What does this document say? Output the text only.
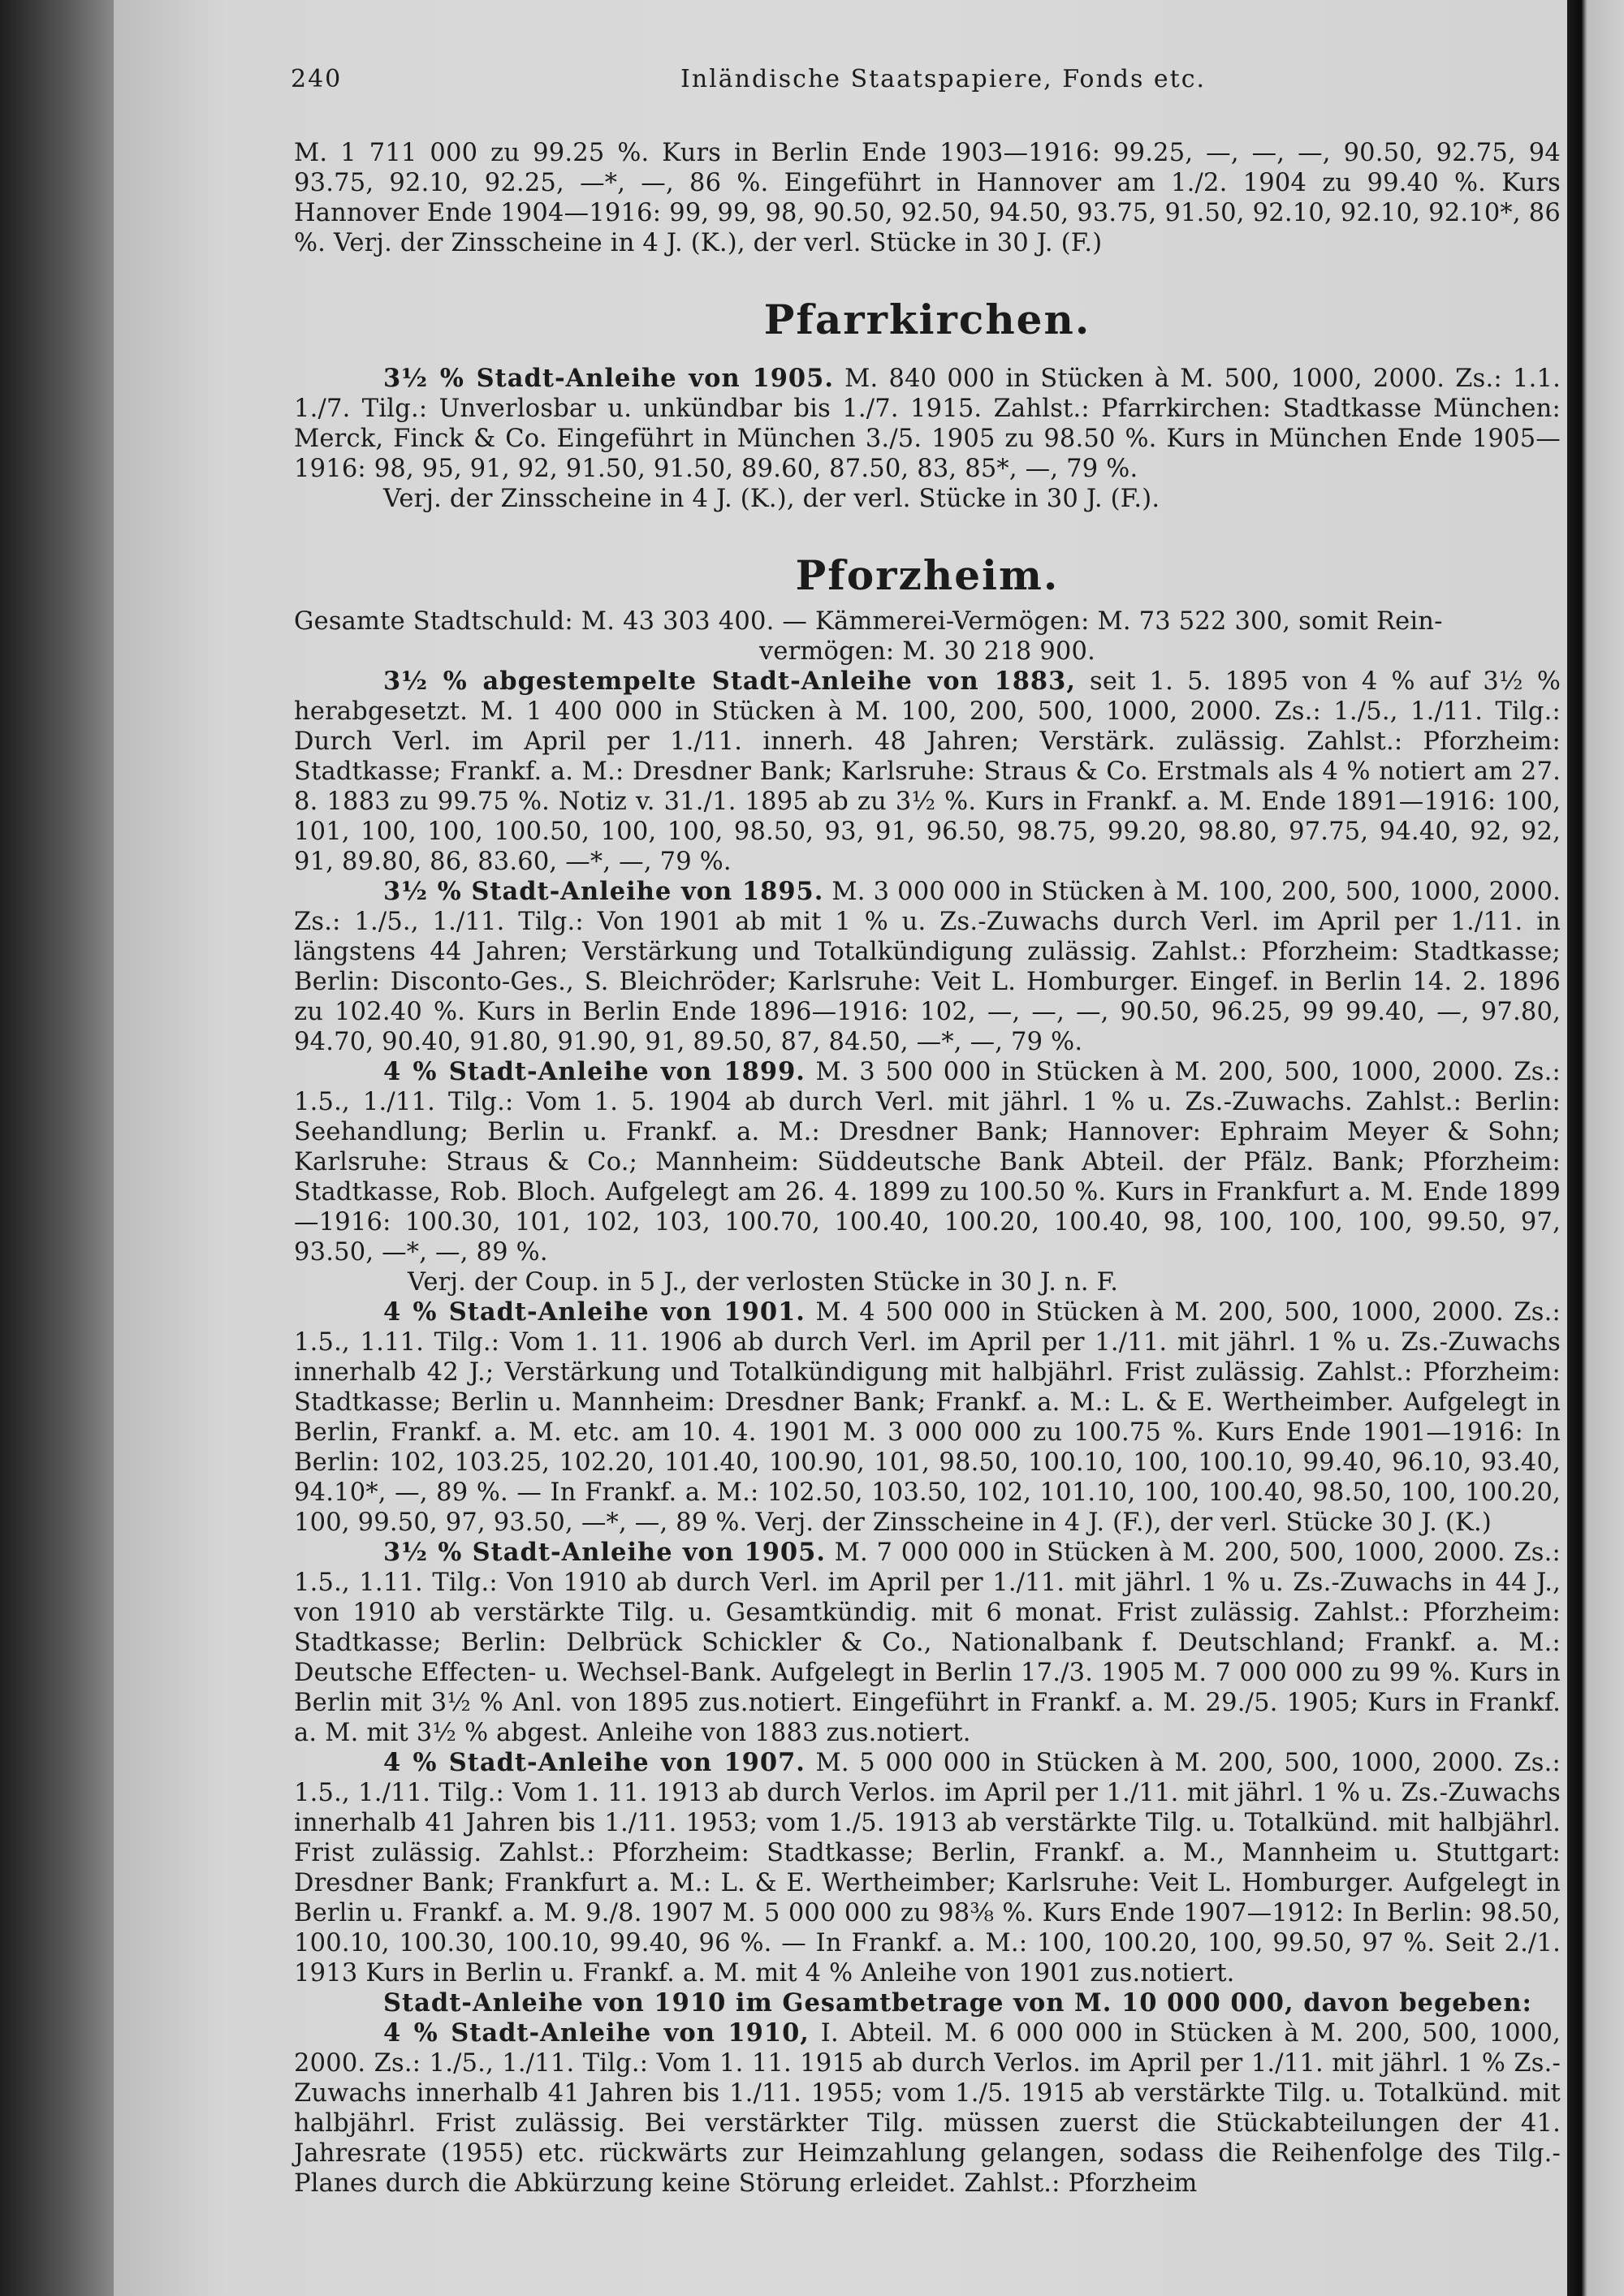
240	Inländische Staatspapiere, Fonds etc.

M. 1 711 000 zu 99.25 %. Kurs in Berlin Ende 1903—1916: 99.25, —, —, —, 90.50, 92.75, 94 93.75, 92.10, 92.25, —*, —, 86 %. Eingeführt in Hannover am 1./2. 1904 zu 99.40 %. Kurs Hannover Ende 1904—1916: 99, 99, 98, 90.50, 92.50, 94.50, 93.75, 91.50, 92.10, 92.10, 92.10*, 86 %. Verj. der Zinsscheine in 4 J. (K.), der verl. Stücke in 30 J. (F.)

Pfarrkirchen.

3½ % Stadt-Anleihe von 1905. M. 840 000 in Stücken à M. 500, 1000, 2000. Zs.: 1.1. 1./7. Tilg.: Unverlosbar u. unkündbar bis 1./7. 1915. Zahlst.: Pfarrkirchen: Stadtkasse München: Merck, Finck & Co. Eingeführt in München 3./5. 1905 zu 98.50 %. Kurs in München Ende 1905—1916: 98, 95, 91, 92, 91.50, 91.50, 89.60, 87.50, 83, 85*, —, 79 %.

Verj. der Zinsscheine in 4 J. (K.), der verl. Stücke in 30 J. (F.).

Pforzheim.

Gesamte Stadtschuld: M. 43 303 400. — Kämmerei-Vermögen: M. 73 522 300, somit Rein-

vermögen: M. 30 218 900.

3½ % abgestempelte Stadt-Anleihe von 1883, seit 1. 5. 1895 von 4 % auf 3½ % herabgesetzt. M. 1 400 000 in Stücken à M. 100, 200, 500, 1000, 2000. Zs.: 1./5., 1./11. Tilg.: Durch Verl. im April per 1./11. innerh. 48 Jahren; Verstärk. zulässig. Zahlst.: Pforzheim: Stadtkasse; Frankf. a. M.: Dresdner Bank; Karlsruhe: Straus & Co. Erstmals als 4 % notiert am 27. 8. 1883 zu 99.75 %. Notiz v. 31./1. 1895 ab zu 3½ %. Kurs in Frankf. a. M. Ende 1891—1916: 100, 101, 100, 100, 100.50, 100, 100, 98.50, 93, 91, 96.50, 98.75, 99.20, 98.80, 97.75, 94.40, 92, 92, 91, 89.80, 86, 83.60, —*, —, 79 %.

3½ % Stadt-Anleihe von 1895. M. 3 000 000 in Stücken à M. 100, 200, 500, 1000, 2000. Zs.: 1./5., 1./11. Tilg.: Von 1901 ab mit 1 % u. Zs.-Zuwachs durch Verl. im April per 1./11. in längstens 44 Jahren; Verstärkung und Totalkündigung zulässig. Zahlst.: Pforzheim: Stadtkasse; Berlin: Disconto-Ges., S. Bleichröder; Karlsruhe: Veit L. Homburger. Eingef. in Berlin 14. 2. 1896 zu 102.40 %. Kurs in Berlin Ende 1896—1916: 102, —, —, —, 90.50, 96.25, 99 99.40, —, 97.80, 94.70, 90.40, 91.80, 91.90, 91, 89.50, 87, 84.50, —*, —, 79 %.

4 % Stadt-Anleihe von 1899. M. 3 500 000 in Stücken à M. 200, 500, 1000, 2000. Zs.: 1.5., 1./11. Tilg.: Vom 1. 5. 1904 ab durch Verl. mit jährl. 1 % u. Zs.-Zuwachs. Zahlst.: Berlin: Seehandlung; Berlin u. Frankf. a. M.: Dresdner Bank; Hannover: Ephraim Meyer & Sohn; Karlsruhe: Straus & Co.; Mannheim: Süddeutsche Bank Abteil. der Pfälz. Bank; Pforzheim: Stadtkasse, Rob. Bloch. Aufgelegt am 26. 4. 1899 zu 100.50 %. Kurs in Frankfurt a. M. Ende 1899—1916: 100.30, 101, 102, 103, 100.70, 100.40, 100.20, 100.40, 98, 100, 100, 100, 99.50, 97, 93.50, —*, —, 89 %.

Verj. der Coup. in 5 J., der verlosten Stücke in 30 J. n. F.

4 % Stadt-Anleihe von 1901. M. 4 500 000 in Stücken à M. 200, 500, 1000, 2000. Zs.: 1.5., 1.11. Tilg.: Vom 1. 11. 1906 ab durch Verl. im April per 1./11. mit jährl. 1 % u. Zs.-Zuwachs innerhalb 42 J.; Verstärkung und Totalkündigung mit halbjährl. Frist zulässig. Zahlst.: Pforzheim: Stadtkasse; Berlin u. Mannheim: Dresdner Bank; Frankf. a. M.: L. & E. Wertheimber. Aufgelegt in Berlin, Frankf. a. M. etc. am 10. 4. 1901 M. 3 000 000 zu 100.75 %. Kurs Ende 1901—1916: In Berlin: 102, 103.25, 102.20, 101.40, 100.90, 101, 98.50, 100.10, 100, 100.10, 99.40, 96.10, 93.40, 94.10*, —, 89 %. — In Frankf. a. M.: 102.50, 103.50, 102, 101.10, 100, 100.40, 98.50, 100, 100.20, 100, 99.50, 97, 93.50, —*, —, 89 %. Verj. der Zinsscheine in 4 J. (F.), der verl. Stücke 30 J. (K.)

3½ % Stadt-Anleihe von 1905. M. 7 000 000 in Stücken à M. 200, 500, 1000, 2000. Zs.: 1.5., 1.11. Tilg.: Von 1910 ab durch Verl. im April per 1./11. mit jährl. 1 % u. Zs.-Zuwachs in 44 J., von 1910 ab verstärkte Tilg. u. Gesamtkündig. mit 6 monat. Frist zulässig. Zahlst.: Pforzheim: Stadtkasse; Berlin: Delbrück Schickler & Co., Nationalbank f. Deutschland; Frankf. a. M.: Deutsche Effecten- u. Wechsel-Bank. Aufgelegt in Berlin 17./3. 1905 M. 7 000 000 zu 99 %. Kurs in Berlin mit 3½ % Anl. von 1895 zus.notiert. Eingeführt in Frankf. a. M. 29./5. 1905; Kurs in Frankf. a. M. mit 3½ % abgest. Anleihe von 1883 zus.notiert.

4 % Stadt-Anleihe von 1907. M. 5 000 000 in Stücken à M. 200, 500, 1000, 2000. Zs.: 1.5., 1./11. Tilg.: Vom 1. 11. 1913 ab durch Verlos. im April per 1./11. mit jährl. 1 % u. Zs.-Zuwachs innerhalb 41 Jahren bis 1./11. 1953; vom 1./5. 1913 ab verstärkte Tilg. u. Totalkünd. mit halbjährl. Frist zulässig. Zahlst.: Pforzheim: Stadtkasse; Berlin, Frankf. a. M., Mannheim u. Stuttgart: Dresdner Bank; Frankfurt a. M.: L. & E. Wertheimber; Karlsruhe: Veit L. Homburger. Aufgelegt in Berlin u. Frankf. a. M. 9./8. 1907 M. 5 000 000 zu 98⅜ %. Kurs Ende 1907—1912: In Berlin: 98.50, 100.10, 100.30, 100.10, 99.40, 96 %. — In Frankf. a. M.: 100, 100.20, 100, 99.50, 97 %. Seit 2./1. 1913 Kurs in Berlin u. Frankf. a. M. mit 4 % Anleihe von 1901 zus.notiert.

Stadt-Anleihe von 1910 im Gesamtbetrage von M. 10 000 000, davon begeben:

4 % Stadt-Anleihe von 1910, I. Abteil. M. 6 000 000 in Stücken à M. 200, 500, 1000, 2000. Zs.: 1./5., 1./11. Tilg.: Vom 1. 11. 1915 ab durch Verlos. im April per 1./11. mit jährl. 1 % Zs.-Zuwachs innerhalb 41 Jahren bis 1./11. 1955; vom 1./5. 1915 ab verstärkte Tilg. u. Totalkünd. mit halbjährl. Frist zulässig. Bei verstärkter Tilg. müssen zuerst die Stückabteilungen der 41. Jahresrate (1955) etc. rückwärts zur Heimzahlung gelangen, sodass die Reihenfolge des Tilg.-Planes durch die Abkürzung keine Störung erleidet. Zahlst.: Pforzheim
